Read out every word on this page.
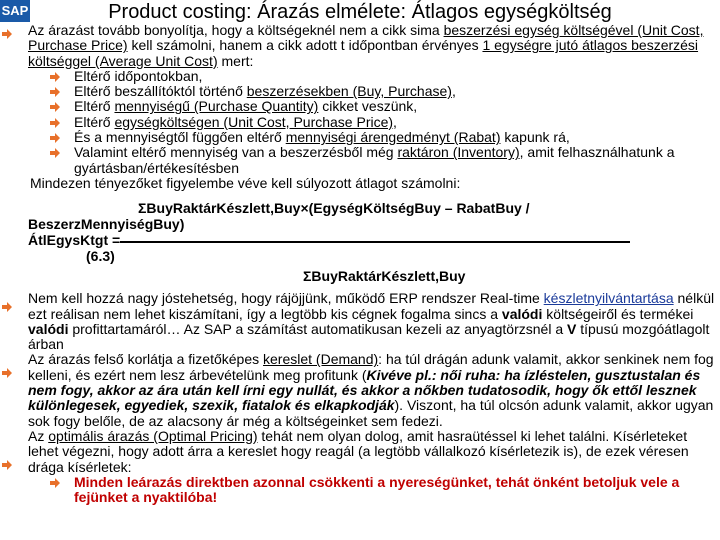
SAP	Product costing: Árazás elmélete: Átlagos egységköltség

Az árazást tovább bonyolítja, hogy a költségeknél nem a cikk sima beszerzési egység költségével (Unit Cost, Purchase Price) kell számolni, hanem a cikk adott t időpontban érvényes 1 egységre jutó átlagos beszerzési költséggel (Average Unit Cost) mert:

Eltérő időpontokban,
Eltérő beszállítóktól történő beszerzésekben (Buy, Purchase),
Eltérő mennyiségű (Purchase Quantity) cikket veszünk,
Eltérő egységköltségen (Unit Cost, Purchase Price),
És a mennyiségtől függően eltérő mennyiségi árengedményt (Rabat) kapunk rá,
Valamint eltérő mennyiség van a beszerzésből még raktáron (Inventory), amit felhasználhatunk a gyártásban/értékesítésben

Mindezen tényezőket figyelembe véve kell súlyozott átlagot számolni:

ΣBuyRaktárKészlett,Buy×(EgységKöltségBuy – RabatBuy /
BeszerzMennyiségBuy)
ÁtlEgysKtgt =
(6.3)
ΣBuyRaktárKészlett,Buy

Nem kell hozzá nagy jóstehetség, hogy rájöjjünk, működő ERP rendszer Real-time készletnyilvántartása nélkül ezt reálisan nem lehet kiszámítani, így a legtöbb kis cégnek fogalma sincs a valódi költségeiről és termékei valódi profittartamáról… Az SAP a számítást automatikusan kezeli az anyagtörzsnél a V típusú mozgóátlagolt árban

Az árazás felső korlátja a fizetőképes kereslet (Demand): ha túl drágán adunk valamit, akkor senkinek nem fog kelleni, és ezért nem lesz árbevételünk meg profitunk (Kivéve pl.: női ruha: ha ízléstelen, gusztustalan és nem fogy, akkor az ára után kell írni egy nullát, és akkor a nőkben tudatosodik, hogy ők ettől lesznek különlegesek, egyediek, szexik, fiatalok és elkapkodják). Viszont, ha túl olcsón adunk valamit, akkor ugyan sok fogy belőle, de az alacsony ár még a költségeinket sem fedezi.

Az optimális árazás (Optimal Pricing) tehát nem olyan dolog, amit hasraütéssel ki lehet találni. Kísérleteket lehet végezni, hogy adott árra a kereslet hogy reagál (a legtöbb vállalkozó kísérletezik is), de ezek véresen drága kísérletek:

Minden leárazás direktben azonnal csökkenti a nyereségünket, tehát önként betoljuk vele a fejünket a nyaktilóba!
